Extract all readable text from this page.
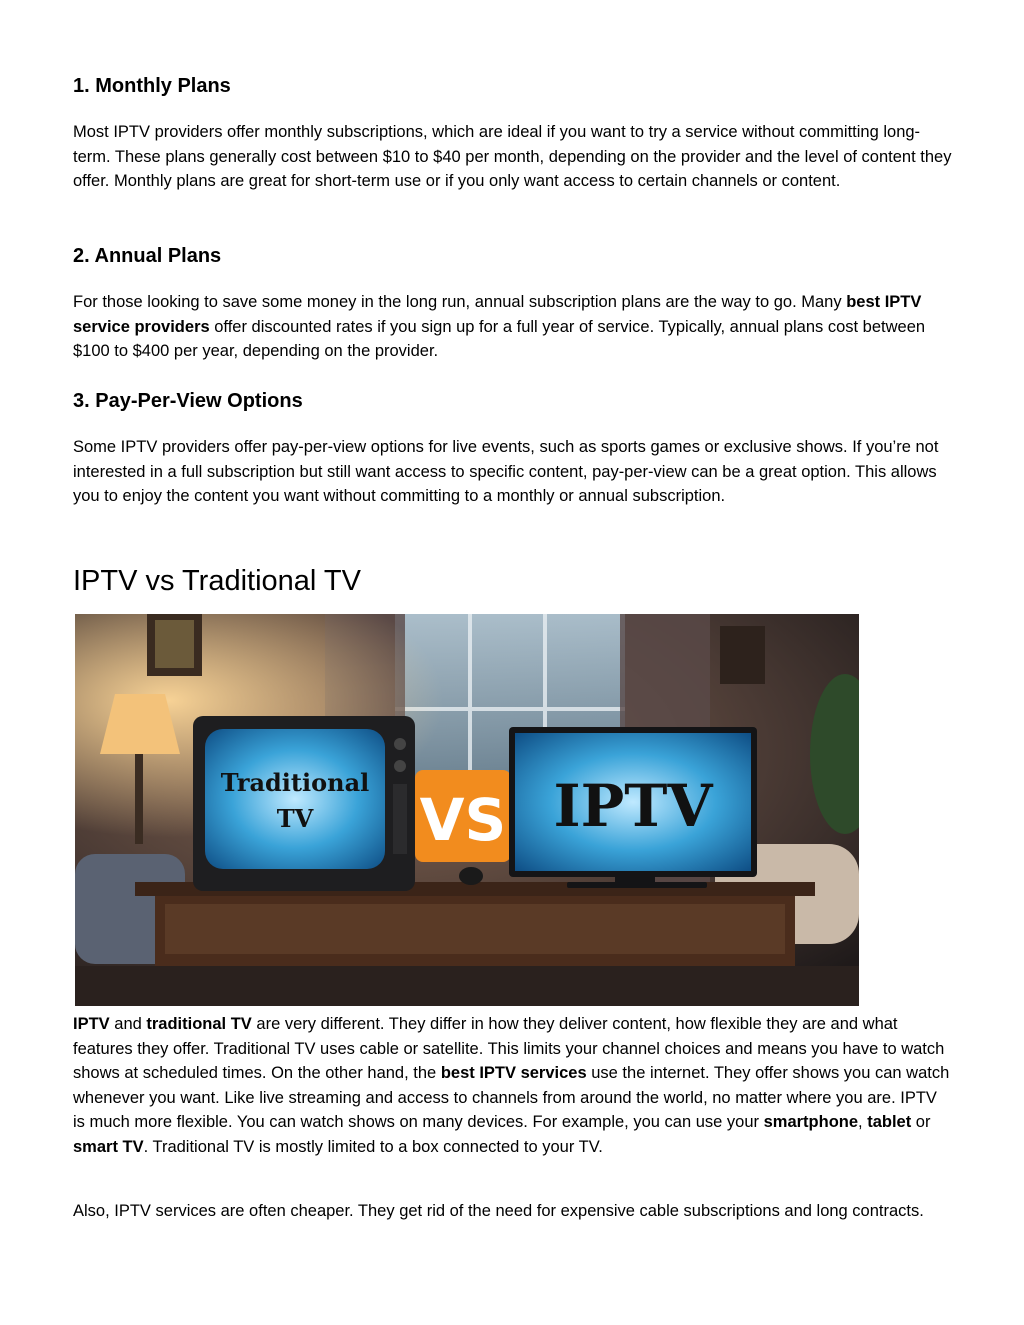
1. Monthly Plans

Most IPTV providers offer monthly subscriptions, which are ideal if you want to try a service without committing long-term. These plans generally cost between $10 to $40 per month, depending on the provider and the level of content they offer. Monthly plans are great for short-term use or if you only want access to certain channels or content.

2. Annual Plans

For those looking to save some money in the long run, annual subscription plans are the way to go. Many best IPTV service providers offer discounted rates if you sign up for a full year of service. Typically, annual plans cost between $100 to $400 per year, depending on the provider.

3. Pay-Per-View Options

Some IPTV providers offer pay-per-view options for live events, such as sports games or exclusive shows. If you’re not interested in a full subscription but still want access to specific content, pay-per-view can be a great option. This allows you to enjoy the content you want without committing to a monthly or annual subscription.

IPTV vs Traditional TV
Traditional
TV VS IPTV

IPTV and traditional TV are very different. They differ in how they deliver content, how flexible they are and what features they offer. Traditional TV uses cable or satellite. This limits your channel choices and means you have to watch shows at scheduled times. On the other hand, the best IPTV services use the internet. They offer shows you can watch whenever you want. Like live streaming and access to channels from around the world, no matter where you are. IPTV is much more flexible. You can watch shows on many devices. For example, you can use your smartphone, tablet or smart TV. Traditional TV is mostly limited to a box connected to your TV.

Also, IPTV services are often cheaper. They get rid of the need for expensive cable subscriptions and long contracts.
